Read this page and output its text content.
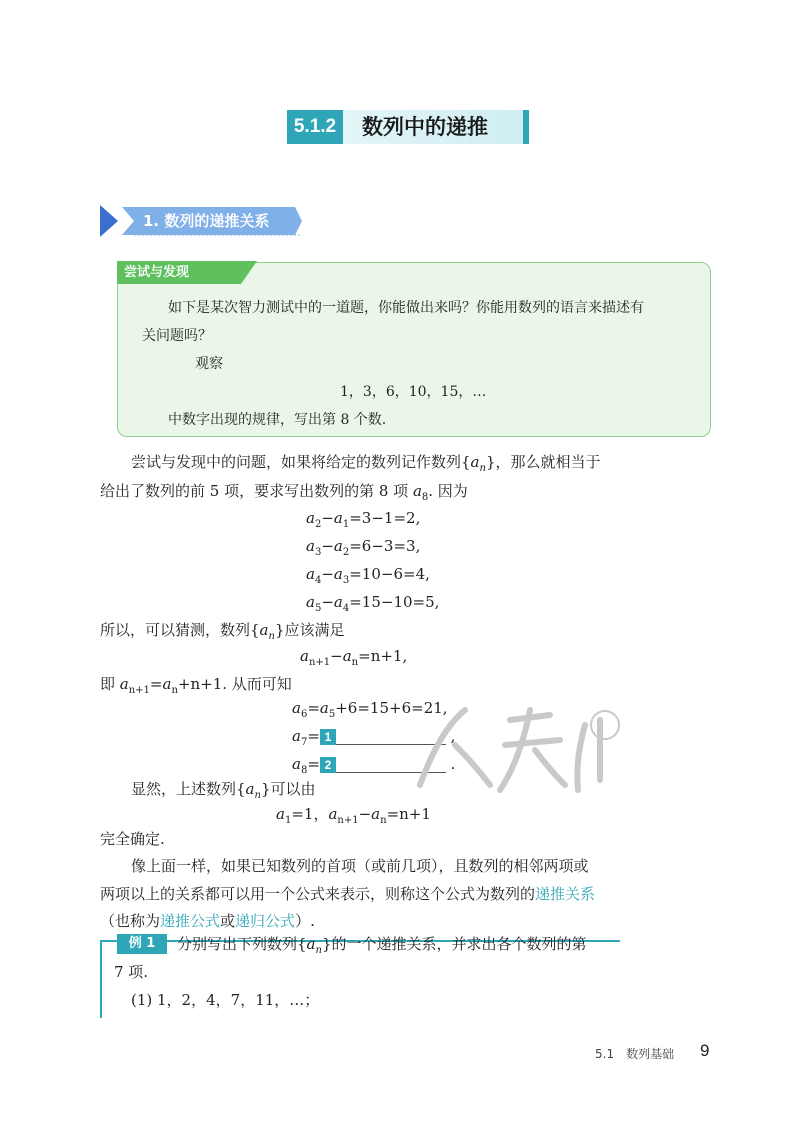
5.1.2	数列中的递推
1. 数列的递推关系
尝试与发现
如下是某次智力测试中的一道题，你能做出来吗？你能用数列的语言来描述有
关问题吗？
观察
1，3，6，10，15，…
中数字出现的规律，写出第 8 个数.
尝试与发现中的问题，如果将给定的数列记作数列$\{a_n\}$，那么就相当于
给出了数列的前 5 项，要求写出数列的第 8 项 $a_8$. 因为
$a_2-a_1=3-1=2$,
$a_3-a_2=6-3=3$,
$a_4-a_3=10-6=4$,
$a_5-a_4=15-10=5$,
所以，可以猜测，数列$\{a_n\}$应该满足
$a_{n+1}-a_n=n+1$,
即 $a_{n+1}=a_n+n+1$. 从而可知
$a_6=a_5+6=15+6=21$,
$a_7= 1$	,
$a_8= 2$	.
显然，上述数列$\{a_n\}$可以由
$a_1=1$，$a_{n+1}-a_n=n+1$
完全确定.
像上面一样，如果已知数列的首项（或前几项），且数列的相邻两项或
两项以上的关系都可以用一个公式来表示，则称这个公式为数列的递推关系
（也称为递推公式或递归公式）.
例 1	分别写出下列数列$\{a_n\}$的一个递推关系，并求出各个数列的第
7 项.
(1) 1，2，4，7，11，…；
5.1　数列基础 9
